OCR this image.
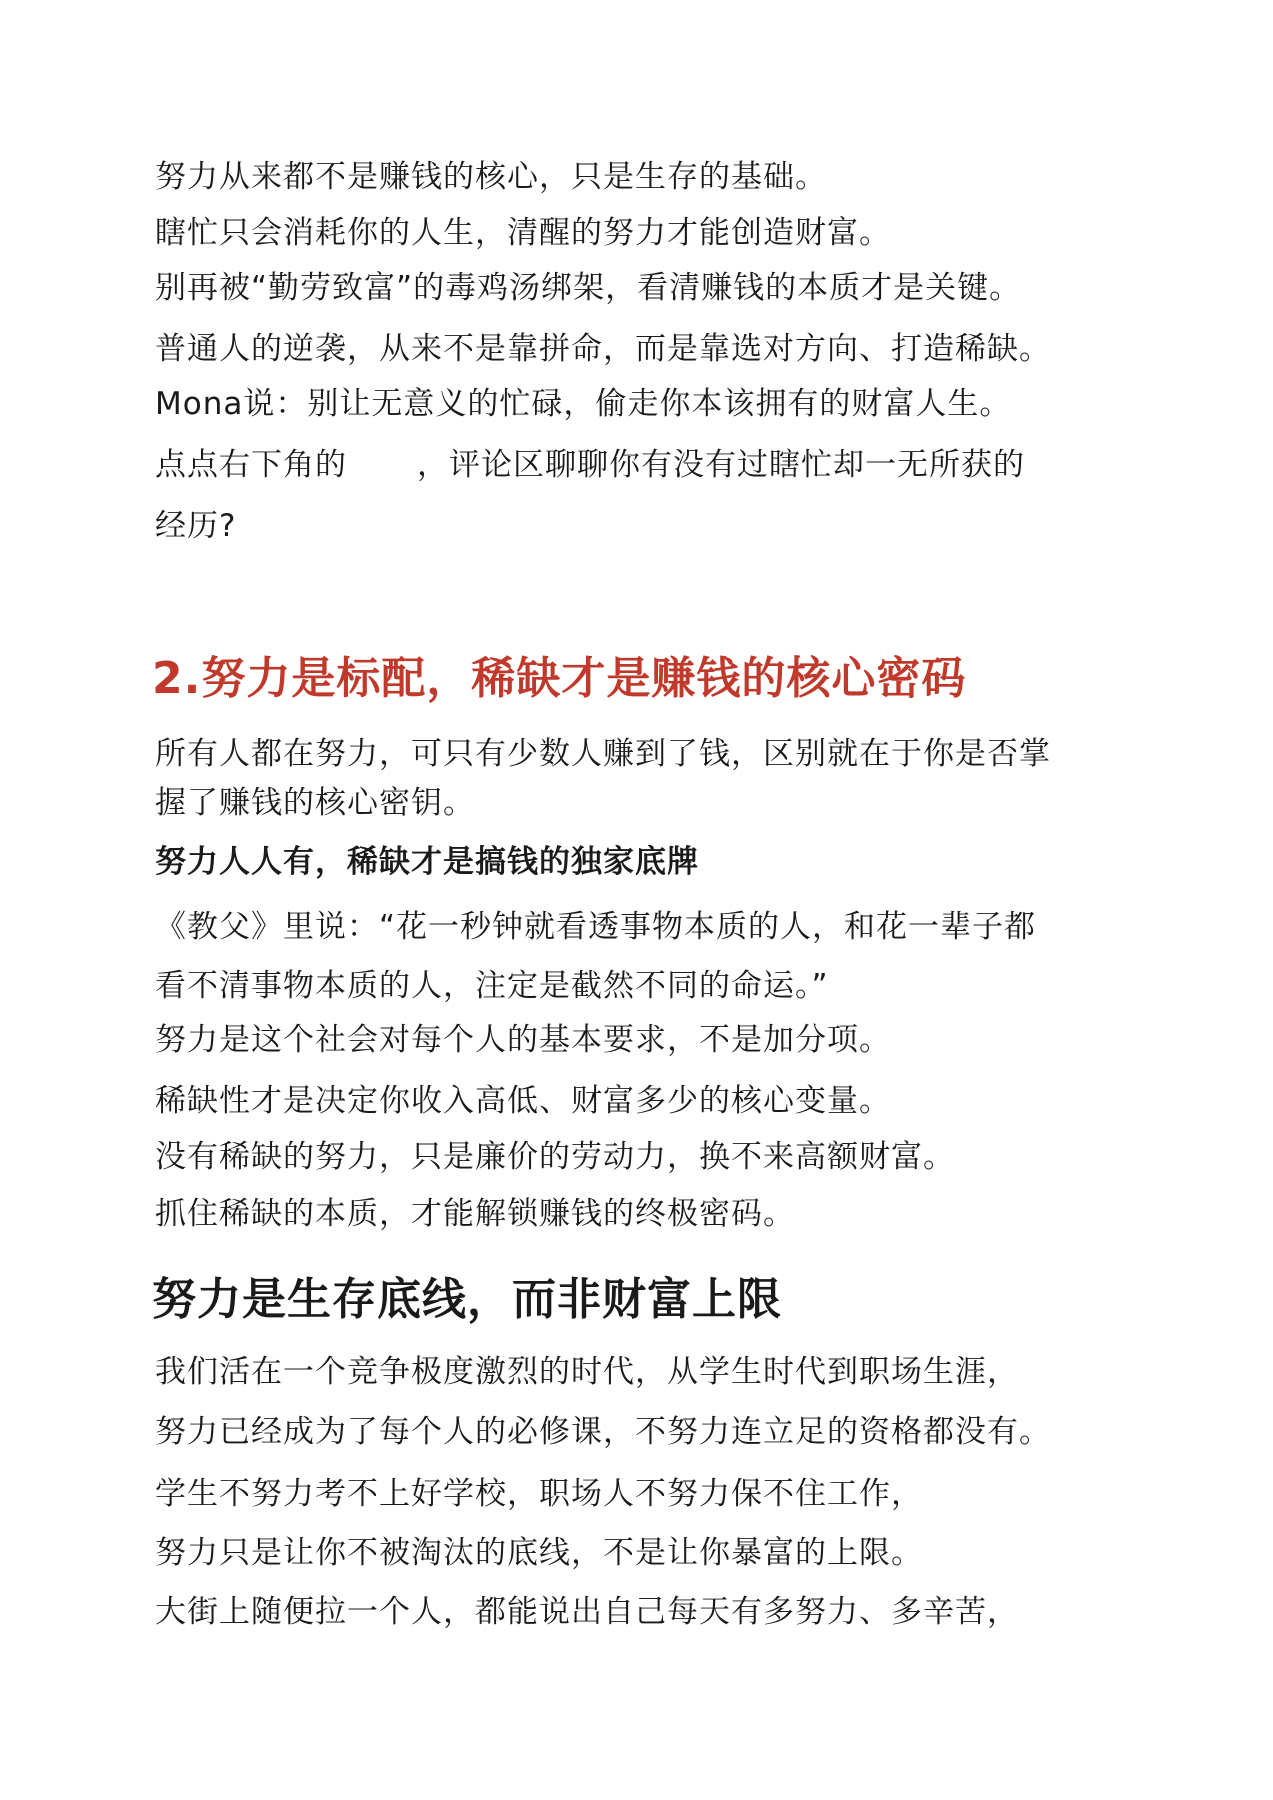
努力从来都不是赚钱的核心，只是生存的基础。
瞎忙只会消耗你的人生，清醒的努力才能创造财富。
别再被“勤劳致富”的毒鸡汤绑架，看清赚钱的本质才是关键。
普通人的逆袭，从来不是靠拼命，而是靠选对方向、打造稀缺。
Mona说：别让无意义的忙碌，偷走你本该拥有的财富人生。
点点右下角的 ，评论区聊聊你有没有过瞎忙却一无所获的
经历?
2.努力是标配，稀缺才是赚钱的核心密码
所有人都在努力，可只有少数人赚到了钱，区别就在于你是否掌
握了赚钱的核心密钥。
努力人人有，稀缺才是搞钱的独家底牌
《教父》里说：“花一秒钟就看透事物本质的人，和花一辈子都
看不清事物本质的人，注定是截然不同的命运。”
努力是这个社会对每个人的基本要求，不是加分项。
稀缺性才是决定你收入高低、财富多少的核心变量。
没有稀缺的努力，只是廉价的劳动力，换不来高额财富。
抓住稀缺的本质，才能解锁赚钱的终极密码。
努力是生存底线，而非财富上限
我们活在一个竞争极度激烈的时代，从学生时代到职场生涯，
努力已经成为了每个人的必修课，不努力连立足的资格都没有。
学生不努力考不上好学校，职场人不努力保不住工作，
努力只是让你不被淘汰的底线，不是让你暴富的上限。
大街上随便拉一个人，都能说出自己每天有多努力、多辛苦，
